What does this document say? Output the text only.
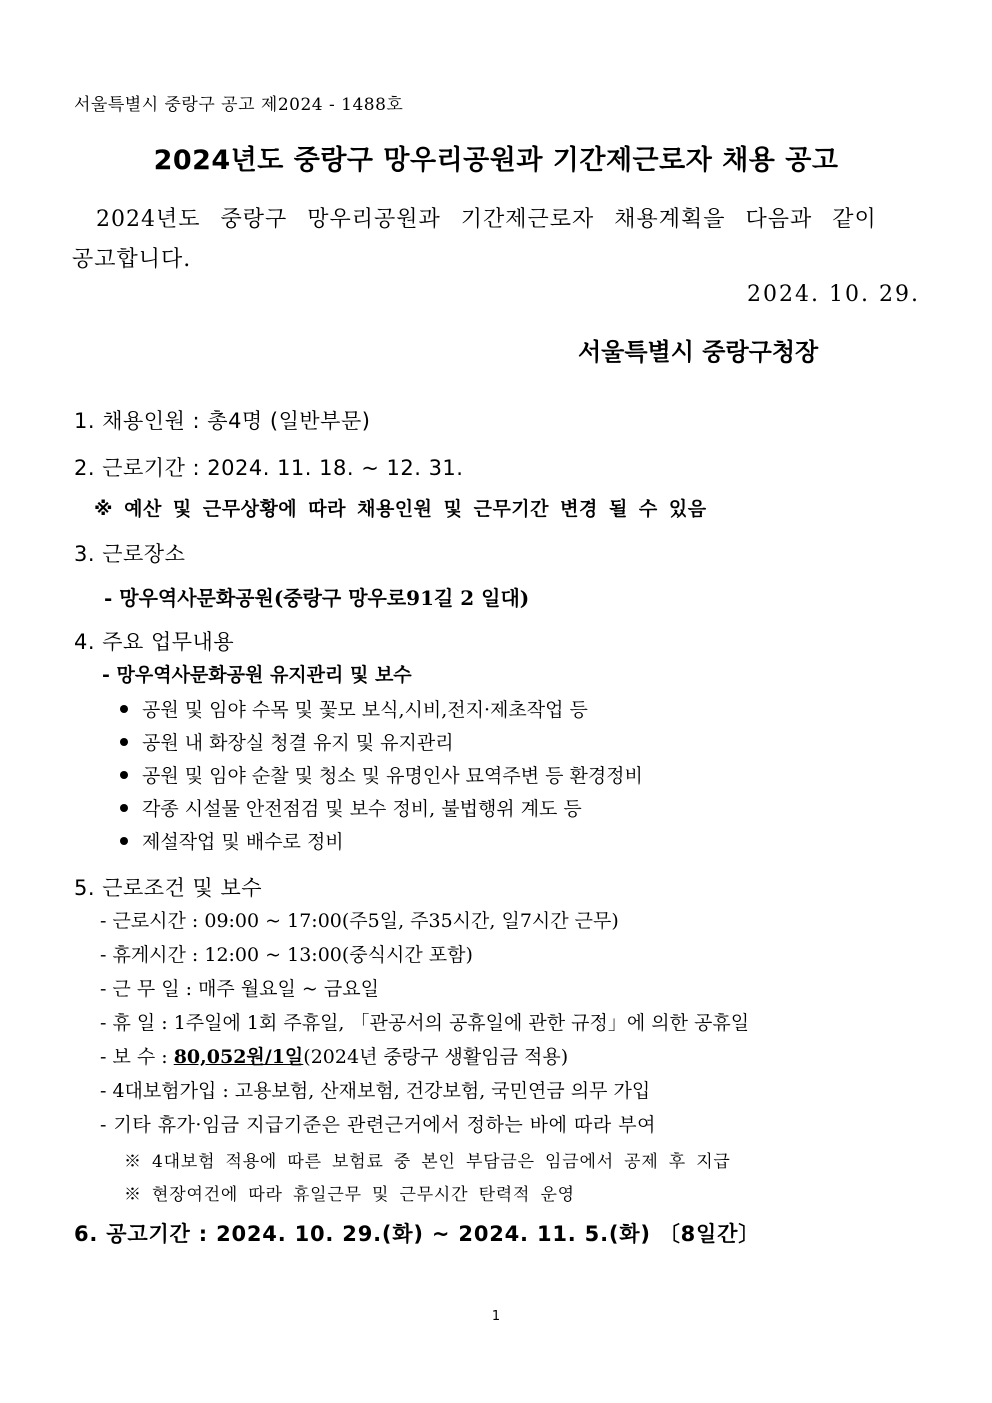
서울특별시 중랑구 공고 제2024 - 1488호
2024년도 중랑구 망우리공원과 기간제근로자 채용 공고
2024년도 중랑구 망우리공원과 기간제근로자 채용계획을 다음과 같이
공고합니다.
2024. 10. 29.
서울특별시 중랑구청장
1. 채용인원 : 총4명 (일반부문)
2. 근로기간 : 2024. 11. 18. ~ 12. 31.
※ 예산 및 근무상황에 따라 채용인원 및 근무기간 변경 될 수 있음
3. 근로장소
- 망우역사문화공원(중랑구 망우로91길 2 일대)
4. 주요 업무내용
- 망우역사문화공원 유지관리 및 보수
공원 및 임야 수목 및 꽃모 보식,시비,전지·제초작업 등
공원 내 화장실 청결 유지 및 유지관리
공원 및 임야 순찰 및 청소 및 유명인사 묘역주변 등 환경정비
각종 시설물 안전점검 및 보수 정비, 불법행위 계도 등
제설작업 및 배수로 정비
5. 근로조건 및 보수
- 근로시간 : 09:00 ~ 17:00(주5일, 주35시간, 일7시간 근무)
- 휴게시간 : 12:00 ~ 13:00(중식시간 포함)
- 근 무 일 : 매주 월요일 ~ 금요일
- 휴 일 : 1주일에 1회 주휴일, 「관공서의 공휴일에 관한 규정」에 의한 공휴일
- 보 수 : 80,052원/1일(2024년 중랑구 생활임금 적용)
- 4대보험가입 : 고용보험, 산재보험, 건강보험, 국민연금 의무 가입
- 기타 휴가·임금 지급기준은 관련근거에서 정하는 바에 따라 부여
※ 4대보험 적용에 따른 보험료 중 본인 부담금은 임금에서 공제 후 지급
※ 현장여건에 따라 휴일근무 및 근무시간 탄력적 운영
6. 공고기간 : 2024. 10. 29.(화) ~ 2024. 11. 5.(화) 〔8일간〕
1
